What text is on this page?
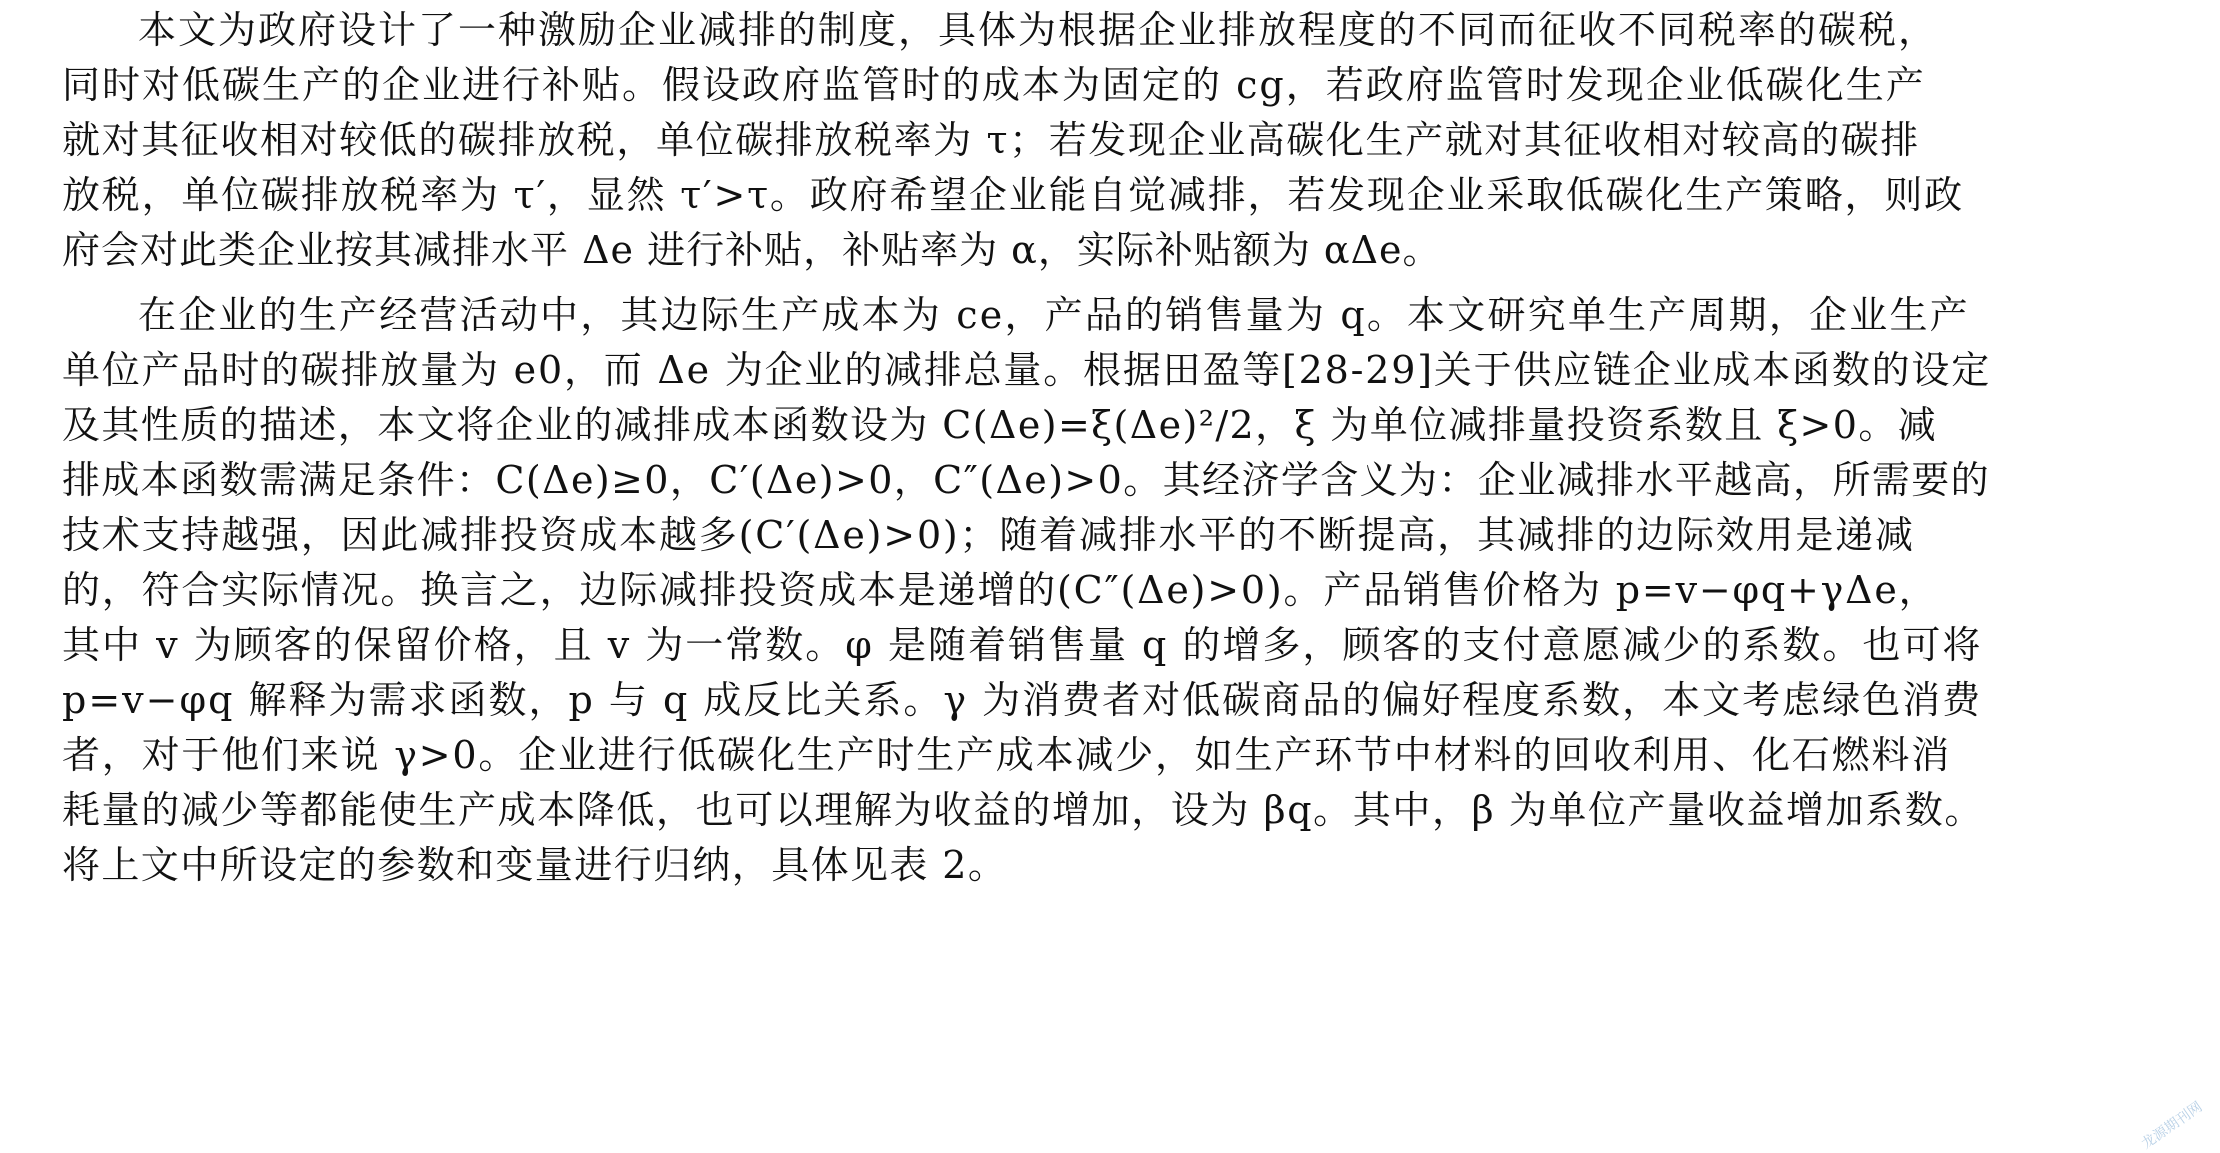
本文为政府设计了一种激励企业减排的制度，具体为根据企业排放程度的不同而征收不同税率的碳税，
同时对低碳生产的企业进行补贴。假设政府监管时的成本为固定的 cg，若政府监管时发现企业低碳化生产
就对其征收相对较低的碳排放税，单位碳排放税率为 τ；若发现企业高碳化生产就对其征收相对较高的碳排
放税，单位碳排放税率为 τ′，显然 τ′>τ。政府希望企业能自觉减排，若发现企业采取低碳化生产策略，则政
府会对此类企业按其减排水平 Δe 进行补贴，补贴率为 α，实际补贴额为 αΔe。
在企业的生产经营活动中，其边际生产成本为 ce，产品的销售量为 q。本文研究单生产周期，企业生产
单位产品时的碳排放量为 e0，而 Δe 为企业的减排总量。根据田盈等[28-29]关于供应链企业成本函数的设定
及其性质的描述，本文将企业的减排成本函数设为 C(Δe)=ξ(Δe)²/2，ξ 为单位减排量投资系数且 ξ>0。减
排成本函数需满足条件：C(Δe)≥0，C′(Δe)>0，C″(Δe)>0。其经济学含义为：企业减排水平越高，所需要的
技术支持越强，因此减排投资成本越多(C′(Δe)>0)；随着减排水平的不断提高，其减排的边际效用是递减
的，符合实际情况。换言之，边际减排投资成本是递增的(C″(Δe)>0)。产品销售价格为 p=v−φq+γΔe，
其中 v 为顾客的保留价格，且 v 为一常数。φ 是随着销售量 q 的增多，顾客的支付意愿减少的系数。也可将
p=v−φq 解释为需求函数，p 与 q 成反比关系。γ 为消费者对低碳商品的偏好程度系数，本文考虑绿色消费
者，对于他们来说 γ>0。企业进行低碳化生产时生产成本减少，如生产环节中材料的回收利用、化石燃料消
耗量的减少等都能使生产成本降低，也可以理解为收益的增加，设为 βq。其中，β 为单位产量收益增加系数。
将上文中所设定的参数和变量进行归纳，具体见表 2。
龙源期刊网
